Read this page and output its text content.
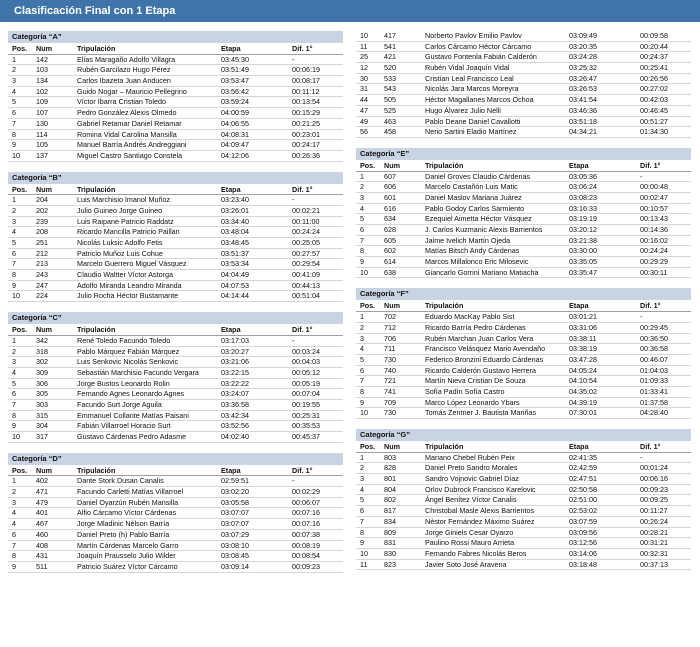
Clasificación Final con 1 Etapa
Categoría “A”
Pos.	Num	Tripulación	Etapa	Dif. 1°
1	142	Elías Maragaño Adolfo Villagra	03:45:30	-
2	103	Rubén Garcilazo Hugo Pérez	03:51:49	00:06:19
3	134	Carlos Ibazeta Juan Anducen	03:53:47	00:08:17
4	102	Guido Nogar – Mauricio Pellegrino	03:56:42	00:11:12
5	109	Víctor Ibarra Cristian Toledo	03:59:24	00:13:54
6	107	Pedro González Alexis Olmedo	04:00:59	00:15:29
7	130	Gabriel Retamar Daniel Retamar	04:06:55	00:21:25
8	114	Romina Vidal Carolina Mansilla	04:08:31	00:23:01
9	105	Manuel Barría Andrés Andreggiani	04:09:47	00:24:17
10	137	Miguel Castro Santiago Constela	04:12:06	00:26:36
Categoría “B”
Pos.	Num	Tripulación	Etapa	Dif. 1°
1	204	Luis Marchisio Imanol Muñoz	03:23:40	-
2	202	Julio Guineo Jorge Guineo	03:26:01	00:02:21
3	239	Luis Raipane Patricio Raddatz	03:34:40	00:11:00
4	208	Ricardo Mancilla Patricio Paillan	03:48:04	00:24:24
5	251	Nicolás Luksic Adolfo Fetis	03:48:45	00:25:05
6	212	Patricio Muñoz Luis Cohue	03:51:37	00:27:57
7	213	Marcelo Guerrero Miguel Vásquez	03:53:34	00:29:54
8	243	Claudio Waltter Víctor Astorga	04:04:49	00:41:09
9	247	Adolfo Miranda Leandro Miranda	04:07:53	00:44:13
10	224	Julio Rocha Héctor Bustamante	04:14:44	00:51:04
Categoría “C”
Pos.	Num	Tripulación	Etapa	Dif. 1°
1	342	René Toledo Facundo Toledo	03:17:03	-
2	318	Pablo Márquez Fabián Márquez	03:20:27	00:03:24
3	302	Luis Senkovic Nicolás Senkovic	03:21:06	00:04:03
4	309	Sebastián Marchisio Facundo Vergara	03:22:15	00:05:12
5	306	Jorge Bustos Leonardo Rolin	03:22:22	00:05:19
6	305	Fernando Agnes Leonardo Agnes	03:24:07	00:07:04
7	303	Facundo Surt Jorge Aguila	03:36:58	00:19:55
8	315	Emmanuel Collante Matías Paisani	03:42:34	00:25:31
9	304	Fabián Villarroel Horacio Surt	03:52:56	00:35:53
10	317	Gustavo Cárdenas Pedro Adasme	04:02:40	00:45:37
Categoría “D”
Pos.	Num	Tripulación	Etapa	Dif. 1°
1	402	Dante Stork Dusan Canalis	02:59:51	-
2	471	Facundo Carletti Matías Villarroel	03:02:20	00:02:29
3	479	Daniel Oyarzún Rubén Mansilla	03:05:58	00:06:07
4	401	Alfio Cárcamo Víctor Cárdenas	03:07:07	00:07:16
4	467	Jorge Mladinic Nélson Barría	03:07:07	00:07:16
6	460	Daniel Preto (h) Pablo Barría	03:07:29	00:07:38
7	408	Martín Cárdenas Marcelo Garro	03:08:10	00:08:19
8	431	Joaquín Prausselo Julio Wilder	03:08:45	00:08:54
9	511	Patricio Suárez Víctor Cárcamo	03:09:14	00:09:23
10	417	Norberto Pavlov Emilio Pavlov	03:09:49	00:09:58
11	541	Carlos Cárcamo Héctor Cárcamo	03:20:35	00:20:44
25	421	Gustavo Fontenla Fabián Calderón	03:24:28	00:24:37
12	520	Rubén Vidal Joaquín Vidal	03:25:32	00:25:41
30	533	Cristian Leal Francisco Leal	03:26:47	00:26:56
31	543	Nicolás Jara Marcos Moreyra	03:26:53	00:27:02
44	505	Héctor Magallanes Marcos Ochoa	03:41:54	00:42:03
47	525	Hugo Álvarez Julio Nelli	03:46:36	00:46:45
49	463	Pablo Deane Daniel Cavallotti	03:51:18	00:51:27
56	458	Nerio Sartini Eladio Martínez	04:34:21	01:34:30
Categoría “E”
Pos.	Num	Tripulación	Etapa	Dif. 1°
1	607	Daniel Groves Claudio Cárdenas	03:05:36	-
2	606	Marcelo Castañón Luis Matic	03:06:24	00:00:48
3	601	Daniel Maslov Mariana Juárez	03:08:23	00:02:47
4	616	Pablo Godoy Carlos Sarmiento	03:16:33	00:10:57
5	634	Ezequiel Aimetta Héctor Vásquez	03:19:19	00:13:43
6	628	J. Carlos Kuzmanic Alexis Barrientos	03:20:12	00:14:36
7	605	Jaime Ivelich Martín Ojeda	03:21:38	00:16:02
8	602	Matías Bitsch Andy Cárdenas	03:30:00	00:24:24
9	614	Marcos Millalonco Eric Milosevic	03:35:05	00:29:29
10	638	Giancarlo Gorrini Mariano Matiacha	03:35:47	00:30:11
Categoría “F”
Pos.	Num	Tripulación	Etapa	Dif. 1°
1	702	Eduardo MacKay Pablo Sist	03:01:21	-
2	712	Ricardo Barría Pedro Cárdenas	03:31:06	00:29:45
3	706	Rubén Marchan Juan Carlos Vera	03:38:11	00:36:50
4	711	Francisco Velásquez Mario Avendaño	03:38:19	00:36:58
5	730	Federico Bronzini Eduardo Cárdenas	03:47:28	00:46:07
6	740	Ricardo Calderón Gustavo Herrera	04:05:24	01:04:03
7	721	Martín Nieva Cristian De Souza	04:10:54	01:09:33
8	741	Sofía Padín Sofía Castro	04:35:02	01:33:41
9	709	Marco López Leonardo Ybars	04:39:19	01:37:58
10	730	Tomás Zentner J. Bautista Mariñas	07:30:01	04:28:40
Categoría “G”
Pos.	Num	Tripulación	Etapa	Dif. 1°
1	803	Mariano Chebel Rubén Peix	02:41:35	-
2	828	Daniel Preto Sandro Morales	02:42:59	00:01:24
3	801	Sandro Vojnovic Gabriel Díaz	02:47:51	00:06:16
4	804	Orlov Dubrock Francisco Karelovic	02:50:58	00:09:23
5	802	Ángel Benítez Víctor Canalis	02:51:00	00:09:25
6	817	Christobal Masle Alexis Barrientos	02:53:02	00:11:27
7	834	Néstor Fernández Máximo Suárez	03:07:59	00:26:24
8	809	Jorge Giniels Cesar Oyarzo	03:09:56	00:28:21
9	831	Paulino Rossi Mauro Arrieta	03:12:56	00:31:21
10	830	Fernando Fabres Nicolás Beros	03:14:06	00:32:31
11	823	Javier Soto José Aravena	03:18:48	00:37:13
